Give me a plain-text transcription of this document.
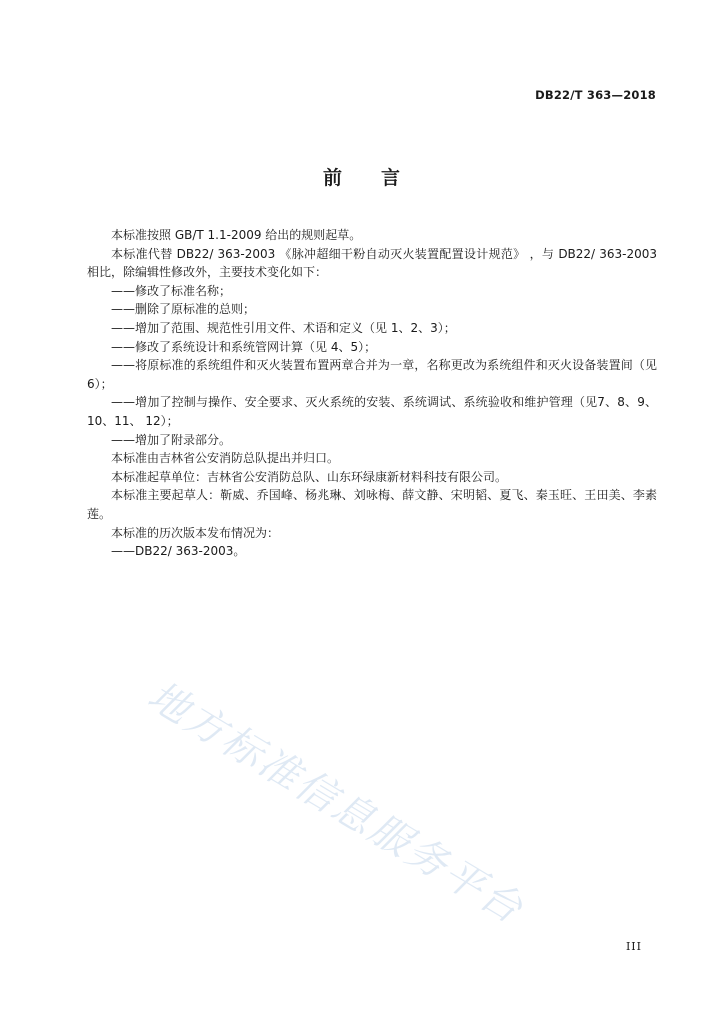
DB22/T 363—2018
前 言

本标准按照 GB/T 1.1-2009 给出的规则起草。

本标准代替 DB22/ 363-2003 《脉冲超细干粉自动灭火装置配置设计规范》 ，与 DB22/ 363-2003 相比，除编辑性修改外，主要技术变化如下：

——修改了标准名称；

——删除了原标准的总则；

——增加了范围、规范性引用文件、术语和定义（见 1、2、3）；

——修改了系统设计和系统管网计算（见 4、5）；

——将原标准的系统组件和灭火装置布置两章合并为一章，名称更改为系统组件和灭火设备装置间（见 6）；

——增加了控制与操作、安全要求、灭火系统的安装、系统调试、系统验收和维护管理（见7、8、9、10、11、 12）；

——增加了附录部分。

本标准由吉林省公安消防总队提出并归口。

本标准起草单位：吉林省公安消防总队、山东环绿康新材料科技有限公司。

本标准主要起草人：靳威、乔国峰、杨兆琳、刘咏梅、薛文静、宋明韬、夏飞、秦玉旺、王田美、李素莲。

本标准的历次版本发布情况为：

——DB22/ 363-2003。

地方标准信息服务平台
III
